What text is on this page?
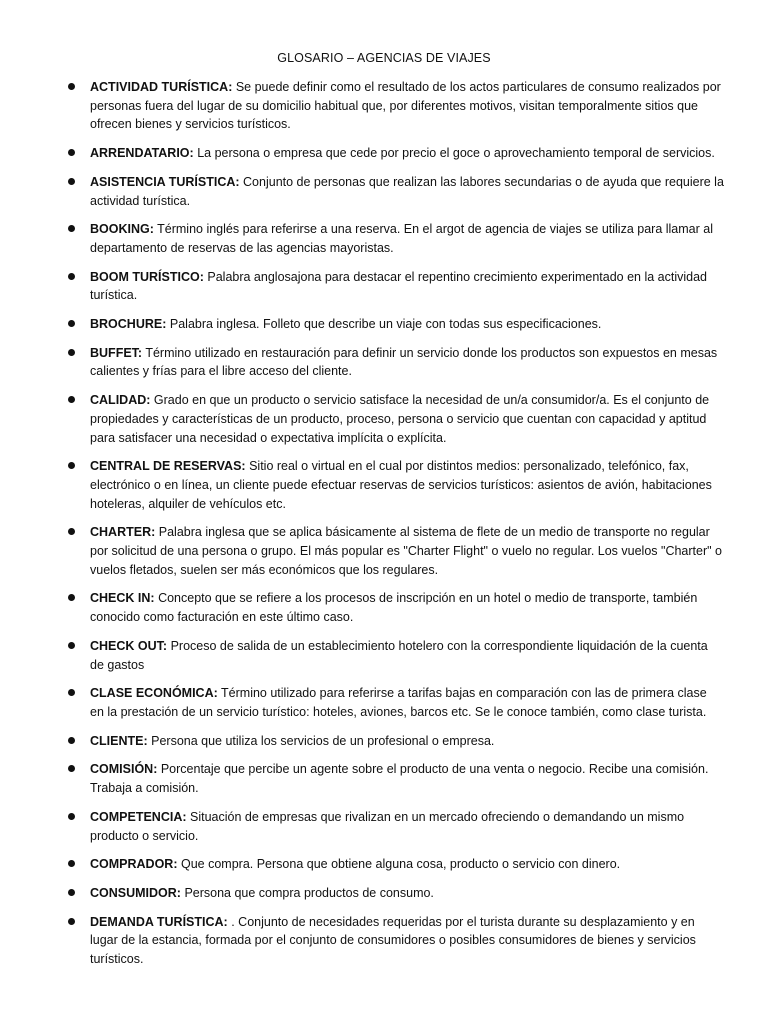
GLOSARIO – AGENCIAS DE VIAJES
ACTIVIDAD TURÍSTICA: Se puede definir como el resultado de los actos particulares de consumo realizados por personas fuera del lugar de su domicilio habitual que, por diferentes motivos, visitan temporalmente sitios que ofrecen bienes y servicios turísticos.
ARRENDATARIO: La persona o empresa que cede por precio el goce o aprovechamiento temporal de servicios.
ASISTENCIA TURÍSTICA: Conjunto de personas que realizan las labores secundarias o de ayuda que requiere la actividad turística.
BOOKING: Término inglés para referirse a una reserva. En el argot de agencia de viajes se utiliza para llamar al departamento de reservas de las agencias mayoristas.
BOOM TURÍSTICO: Palabra anglosajona para destacar el repentino crecimiento experimentado en la actividad turística.
BROCHURE: Palabra inglesa. Folleto que describe un viaje con todas sus especificaciones.
BUFFET: Término utilizado en restauración para definir un servicio donde los productos son expuestos en mesas calientes y frías para el libre acceso del cliente.
CALIDAD: Grado en que un producto o servicio satisface la necesidad de un/a consumidor/a. Es el conjunto de propiedades y características de un producto, proceso, persona o servicio que cuentan con capacidad y aptitud para satisfacer una necesidad o expectativa implícita o explícita.
CENTRAL DE RESERVAS: Sitio real o virtual en el cual por distintos medios: personalizado, telefónico, fax, electrónico o en línea, un cliente puede efectuar reservas de servicios turísticos: asientos de avión, habitaciones hoteleras, alquiler de vehículos etc.
CHARTER: Palabra inglesa que se aplica básicamente al sistema de flete de un medio de transporte no regular por solicitud de una persona o grupo. El más popular es "Charter Flight" o vuelo no regular. Los vuelos "Charter" o vuelos fletados, suelen ser más económicos que los regulares.
CHECK IN: Concepto que se refiere a los procesos de inscripción en un hotel o medio de transporte, también conocido como facturación en este último caso.
CHECK OUT: Proceso de salida de un establecimiento hotelero con la correspondiente liquidación de la cuenta de gastos
CLASE ECONÓMICA: Término utilizado para referirse a tarifas bajas en comparación con las de primera clase en la prestación de un servicio turístico: hoteles, aviones, barcos etc. Se le conoce también, como clase turista.
CLIENTE: Persona que utiliza los servicios de un profesional o empresa.
COMISIÓN: Porcentaje que percibe un agente sobre el producto de una venta o negocio. Recibe una comisión. Trabaja a comisión.
COMPETENCIA: Situación de empresas que rivalizan en un mercado ofreciendo o demandando un mismo producto o servicio.
COMPRADOR: Que compra. Persona que obtiene alguna cosa, producto o servicio con dinero.
CONSUMIDOR: Persona que compra productos de consumo.
DEMANDA TURÍSTICA: . Conjunto de necesidades requeridas por el turista durante su desplazamiento y en lugar de la estancia, formada por el conjunto de consumidores o posibles consumidores de bienes y servicios turísticos.
